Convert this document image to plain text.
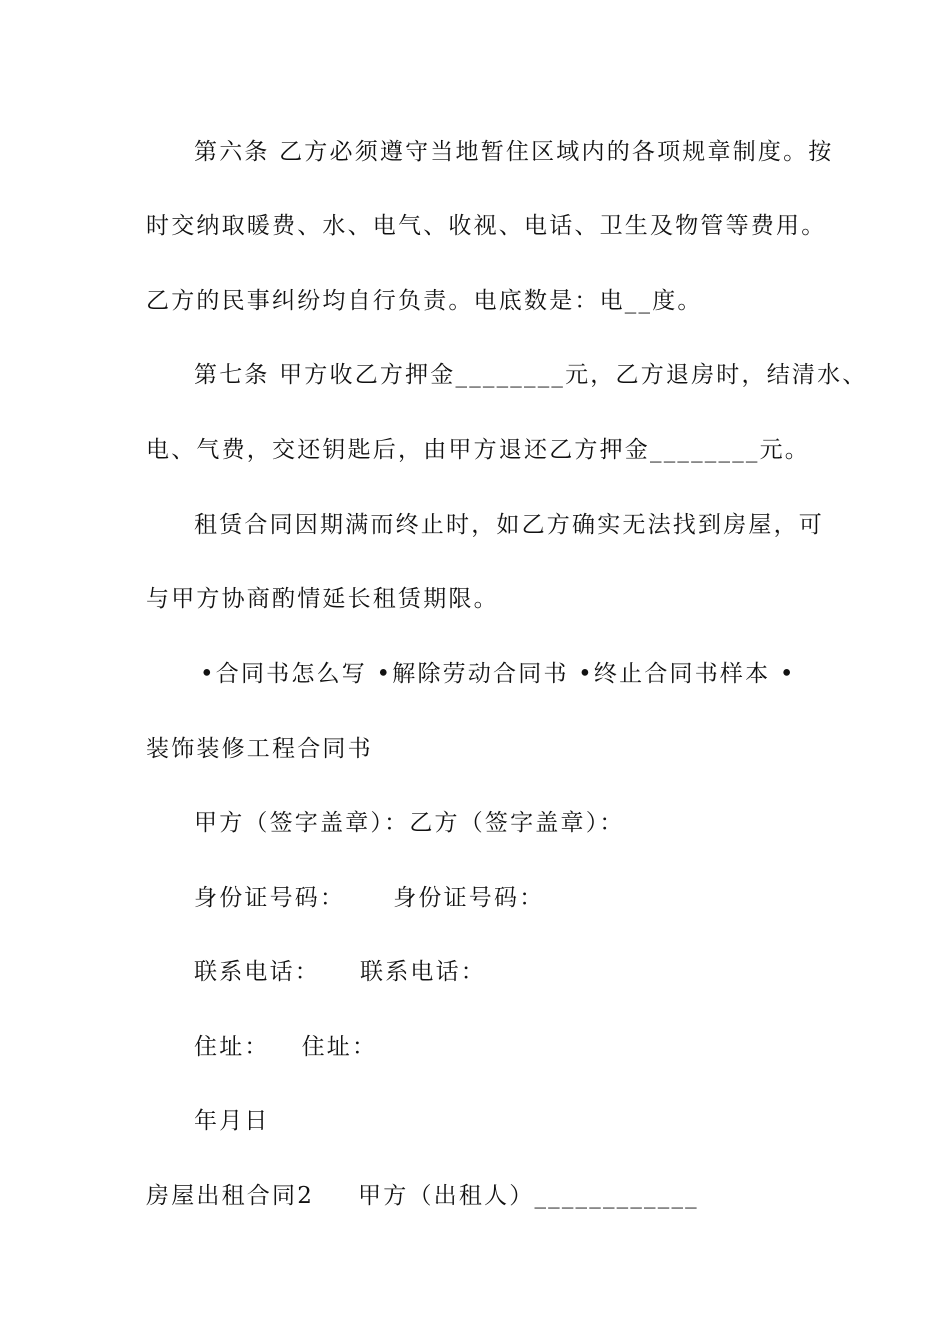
第六条 乙方必须遵守当地暂住区域内的各项规章制度。按
时交纳取暖费、水、电气、收视、电话、卫生及物管等费用。
乙方的民事纠纷均自行负责。电底数是：电__度。
第七条 甲方收乙方押金________元，乙方退房时，结清水、
电、气费，交还钥匙后，由甲方退还乙方押金________元。
租赁合同因期满而终止时，如乙方确实无法找到房屋，可
与甲方协商酌情延长租赁期限。
•合同书怎么写 •解除劳动合同书 •终止合同书样本 •
装饰装修工程合同书
甲方（签字盖章）：乙方（签字盖章）：
身份证号码： 身份证号码：
联系电话： 联系电话：
住址： 住址：
年月日
房屋出租合同2 甲方（出租人）____________
